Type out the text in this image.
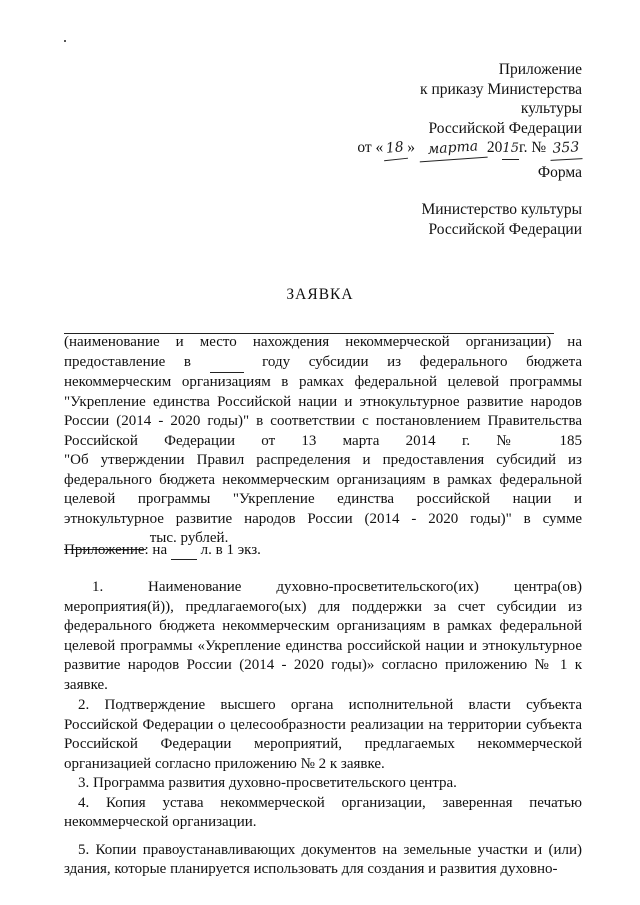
Приложение
к приказу Министерства
культуры
Российской Федерации
от « 18 » марта 2015г. № 353
Форма
Министерство культуры
Российской Федерации
ЗАЯВКА

(наименование и место нахождения некоммерческой организации) на

предоставление в	году субсидии из федерального бюджета

некоммерческим организациям в рамках федеральной целевой программы

"Укрепление единства Российской нации и этнокультурное развитие народов

России (2014 - 2020 годы)" в соответствии с постановлением Правительства

Российской Федерации от 13 марта 2014 г. № 185

"Об утверждении Правил распределения и предоставления субсидий из

федерального бюджета некоммерческим организациям в рамках федеральной

целевой программы "Укрепление единства российской нации и

этнокультурное развитие народов России (2014 - 2020 годы)" в сумме

тыс. рублей.

Приложение: на л. в 1 экз.

1.	Наименование духовно-просветительского(их) центра(ов) мероприятия(й)), предлагаемого(ых) для поддержки за счет субсидии из федерального бюджета некоммерческим организациям в рамках федеральной целевой программы «Укрепление единства российской нации и этнокультурное развитие народов России (2014 - 2020 годы)» согласно приложению № 1 к заявке.

2. Подтверждение высшего органа исполнительной власти субъекта Российской Федерации о целесообразности реализации на территории субъекта Российской Федерации мероприятий, предлагаемых некоммерческой организацией согласно приложению № 2 к заявке.

3. Программа развития духовно-просветительского центра.

4. Копия устава некоммерческой организации, заверенная печатью некоммерческой организации.

5. Копии правоустанавливающих документов на земельные участки и (или) здания, которые планируется использовать для создания и развития духовно-
